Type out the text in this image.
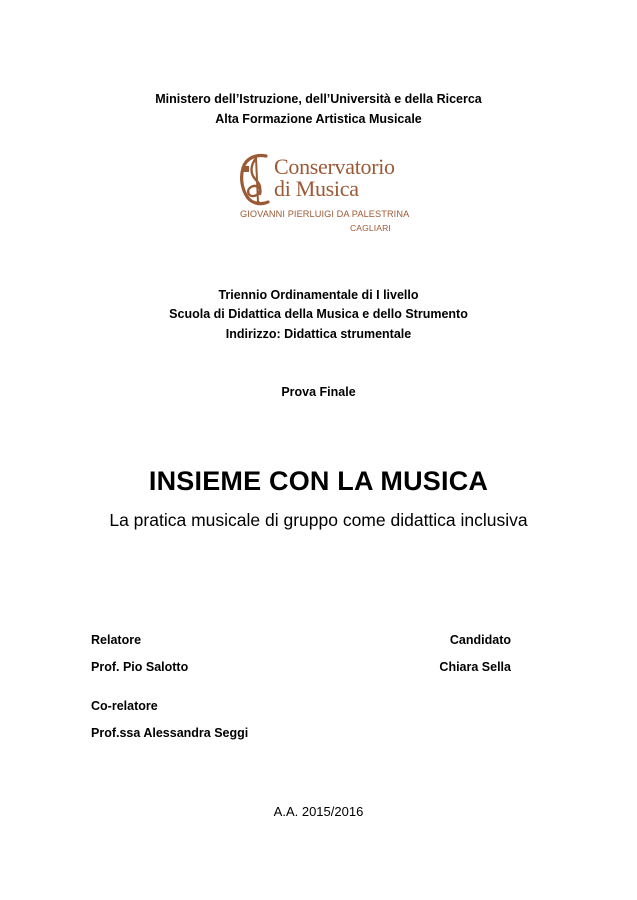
Ministero dell’Istruzione, dell’Università e della Ricerca
Alta Formazione Artistica Musicale
Conservatorio
di Musica
GIOVANNI PIERLUIGI DA PALESTRINA
CAGLIARI
Triennio Ordinamentale di I livello
Scuola di Didattica della Musica e dello Strumento
Indirizzo: Didattica strumentale
Prova Finale
INSIEME CON LA MUSICA
La pratica musicale di gruppo come didattica inclusiva
Relatore
Prof. Pio Salotto
Candidato
Chiara Sella
Co-relatore
Prof.ssa Alessandra Seggi
A.A. 2015/2016
